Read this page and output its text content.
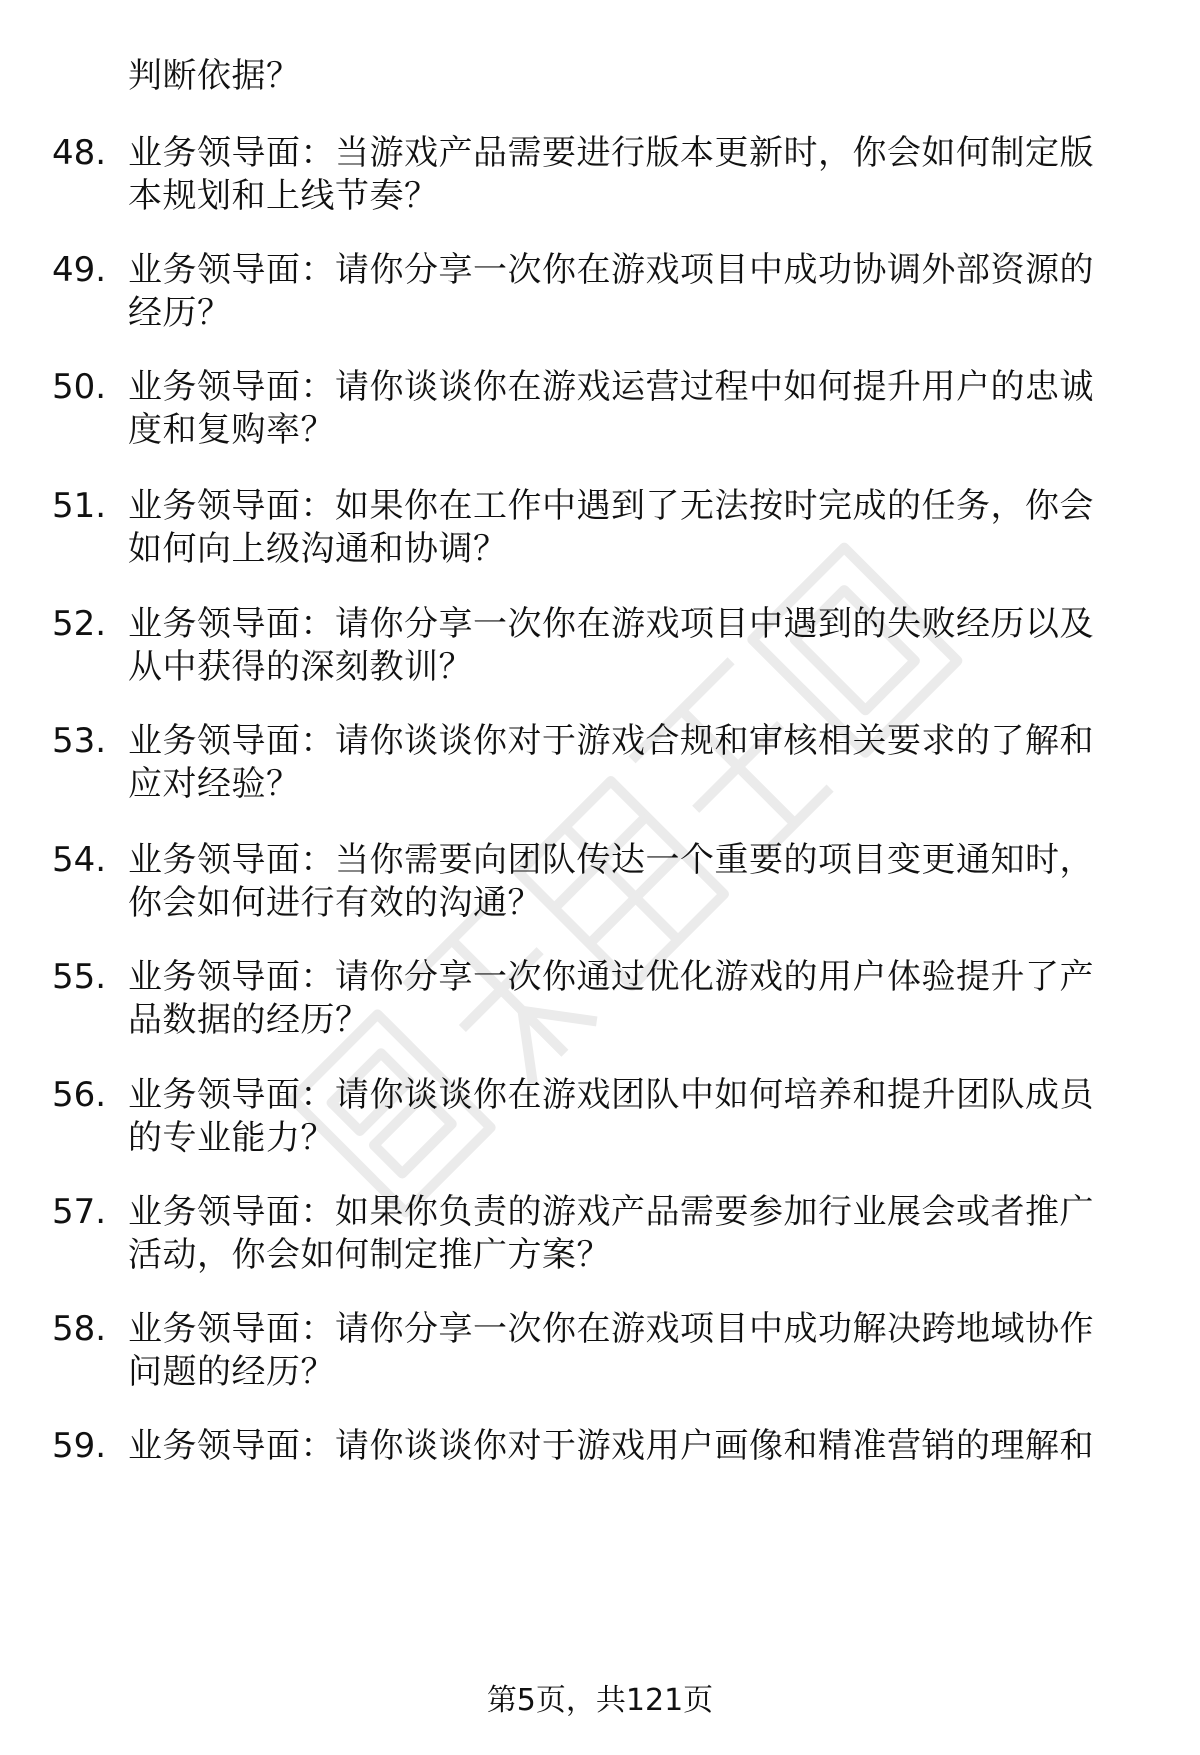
判断依据？
48. 业务领导面：当游戏产品需要进行版本更新时，你会如何制定版
本规划和上线节奏？
49. 业务领导面：请你分享一次你在游戏项目中成功协调外部资源的
经历？
50. 业务领导面：请你谈谈你在游戏运营过程中如何提升用户的忠诚
度和复购率？
51. 业务领导面：如果你在工作中遇到了无法按时完成的任务，你会
如何向上级沟通和协调？
52. 业务领导面：请你分享一次你在游戏项目中遇到的失败经历以及
从中获得的深刻教训？
53. 业务领导面：请你谈谈你对于游戏合规和审核相关要求的了解和
应对经验？
54. 业务领导面：当你需要向团队传达一个重要的项目变更通知时，
你会如何进行有效的沟通？
55. 业务领导面：请你分享一次你通过优化游戏的用户体验提升了产
品数据的经历？
56. 业务领导面：请你谈谈你在游戏团队中如何培养和提升团队成员
的专业能力？
57. 业务领导面：如果你负责的游戏产品需要参加行业展会或者推广
活动，你会如何制定推广方案？
58. 业务领导面：请你分享一次你在游戏项目中成功解决跨地域协作
问题的经历？
59. 业务领导面：请你谈谈你对于游戏用户画像和精准营销的理解和
第5页，共121页
